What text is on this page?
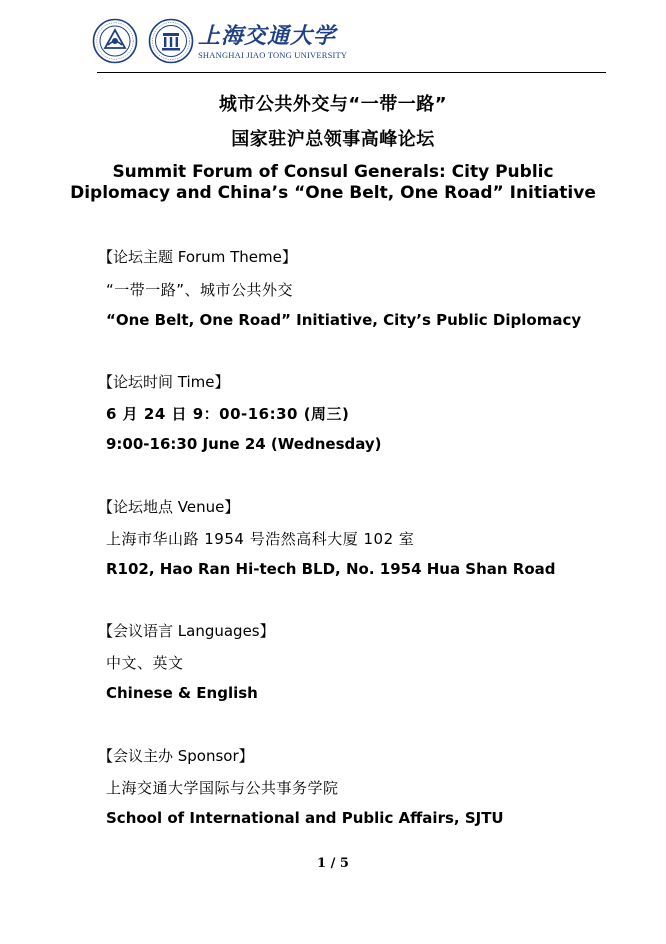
上海交通大学
SHANGHAI JIAO TONG UNIVERSITY
城市公共外交与“一带一路”
国家驻沪总领事高峰论坛
Summit Forum of Consul Generals: City Public Diplomacy and China’s “One Belt, One Road” Initiative
【论坛主题 Forum Theme】
“一带一路”、城市公共外交
“One Belt, One Road” Initiative, City’s Public Diplomacy
【论坛时间 Time】
6 月 24 日 9：00-16:30 (周三)
9:00-16:30 June 24 (Wednesday)
【论坛地点 Venue】
上海市华山路 1954 号浩然高科大厦 102 室
R102, Hao Ran Hi-tech BLD, No. 1954 Hua Shan Road
【会议语言 Languages】
中文、英文
Chinese & English
【会议主办 Sponsor】
上海交通大学国际与公共事务学院
School of International and Public Affairs, SJTU
1 / 5
